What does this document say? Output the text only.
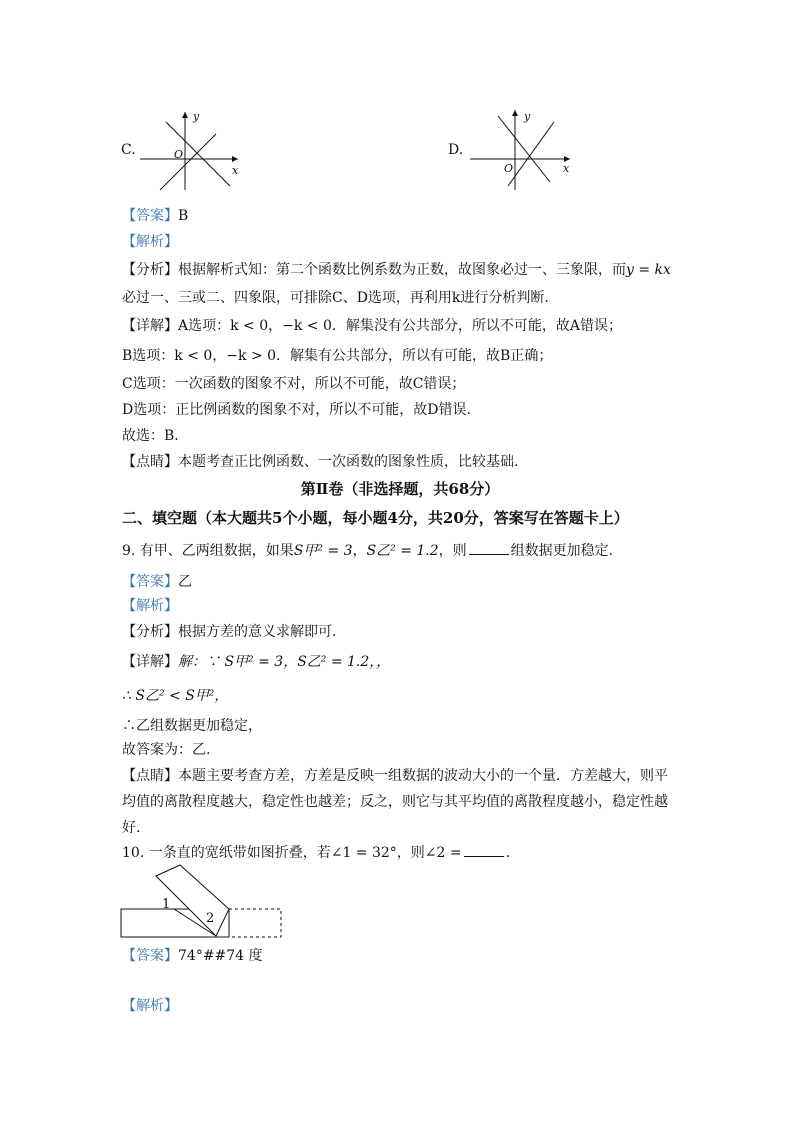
C.
y
x
O	D.
y
x
O
【答案】B
【解析】
【分析】根据解析式知：第二个函数比例系数为正数，故图象必过一、三象限，而y = kx
必过一、三或二、四象限，可排除C、D选项，再利用k进行分析判断.
【详解】A选项：k < 0，−k < 0．解集没有公共部分，所以不可能，故A错误；
B选项：k < 0，−k > 0．解集有公共部分，所以有可能，故B正确；
C选项：一次函数的图象不对，所以不可能，故C错误；
D选项：正比例函数的图象不对，所以不可能，故D错误.
故选：B．
【点睛】本题考查正比例函数、一次函数的图象性质，比较基础.
第Ⅱ卷（非选择题，共68分）
二、填空题（本大题共5个小题，每小题4分，共20分，答案写在答题卡上）
9. 有甲、乙两组数据，如果S甲² = 3，S乙² = 1.2，则	组数据更加稳定.
【答案】乙
【解析】
【分析】根据方差的意义求解即可.
【详解】解：∵ S甲² = 3，S乙² = 1.2，，
∴ S乙² < S甲²，
∴乙组数据更加稳定，
故答案为：乙.
【点睛】本题主要考查方差，方差是反映一组数据的波动大小的一个量．方差越大，则平
均值的离散程度越大，稳定性也越差；反之，则它与其平均值的离散程度越小，稳定性越
好.
10. 一条直的宽纸带如图折叠，若∠1 = 32°，则∠2 =	.
1
2
【答案】74°##74 度
【解析】
